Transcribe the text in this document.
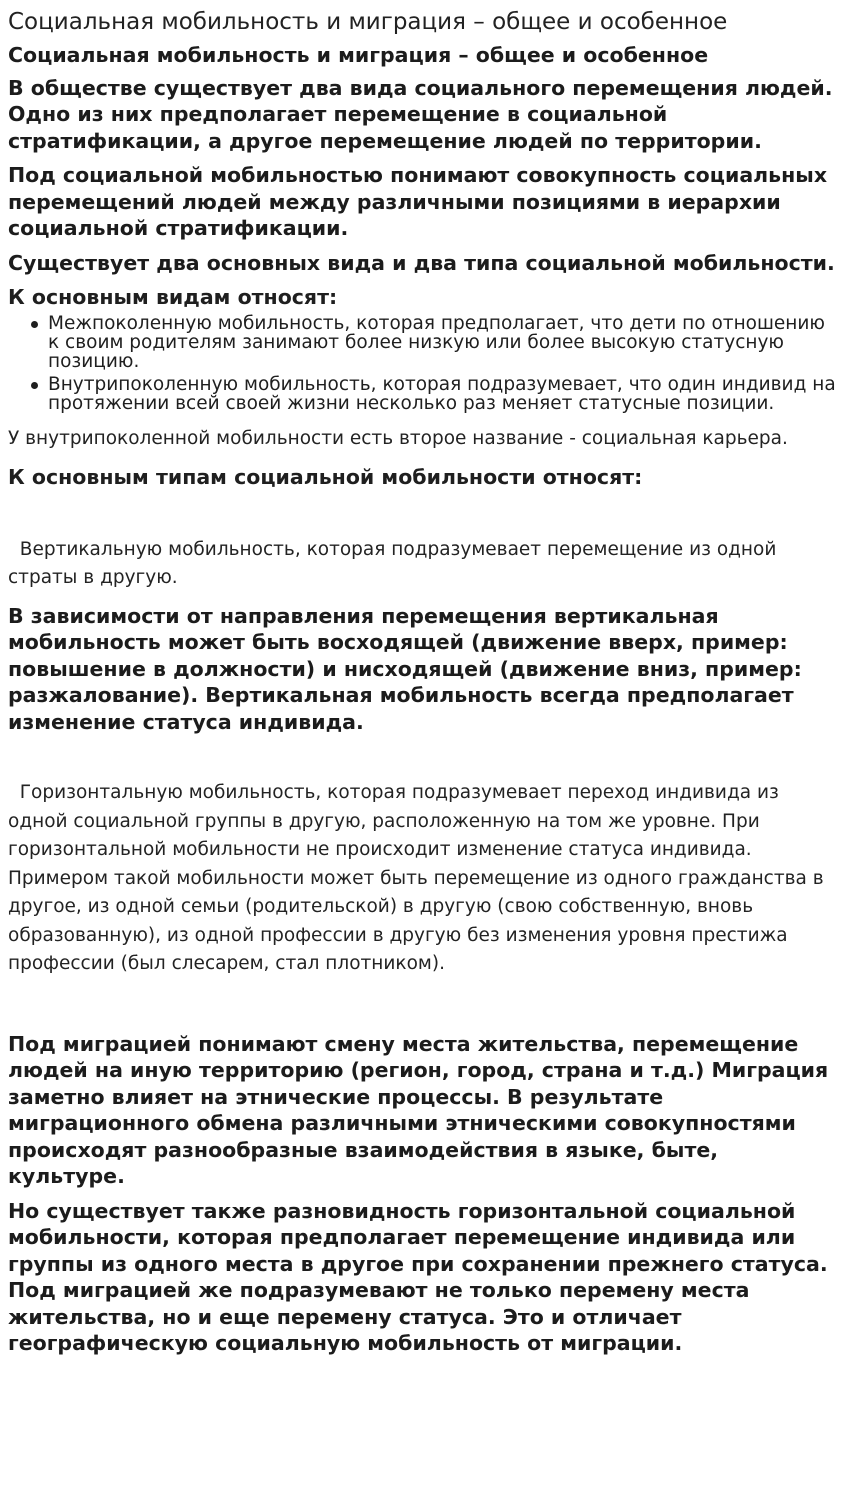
Социальная мобильность и миграция – общее и особенное
Социальная мобильность и миграция – общее и особенное

В обществе существует два вида социального перемещения людей. Одно из них предполагает перемещение в социальной стратификации, а другое перемещение людей по территории.

Под социальной мобильностью понимают совокупность социальных перемещений людей между различными позициями в иерархии социальной стратификации.

Существует два основных вида и два типа социальной мобильности.

К основным видам относят:
Межпоколенную мобильность, которая предполагает, что дети по отношению к своим родителям занимают более низкую или более высокую статусную позицию.
Внутрипоколенную мобильность, которая подразумевает, что один индивид на протяжении всей своей жизни несколько раз меняет статусные позиции.

У внутрипоколенной мобильности есть второе название - социальная карьера.

К основным типам социальной мобильности относят:

Вертикальную мобильность, которая подразумевает перемещение из одной страты в другую.

В зависимости от направления перемещения вертикальная мобильность может быть восходящей (движение вверх, пример: повышение в должности) и нисходящей (движение вниз, пример: разжалование). Вертикальная мобильность всегда предполагает изменение статуса индивида.

Горизонтальную мобильность, которая подразумевает переход индивида из одной социальной группы в другую, расположенную на том же уровне. При горизонтальной мобильности не происходит изменение статуса индивида. Примером такой мобильности может быть перемещение из одного гражданства в другое, из одной семьи (родительской) в другую (свою собственную, вновь образованную), из одной профессии в другую без изменения уровня престижа профессии (был слесарем, стал плотником).

Под миграцией понимают смену места жительства, перемещение людей на иную территорию (регион, город, страна и т.д.) Миграция заметно влияет на этнические процессы. В результате миграционного обмена различными этническими совокупностями происходят разнообразные взаимодействия в языке, быте, культуре.

Но существует также разновидность горизонтальной социальной мобильности, которая предполагает перемещение индивида или группы из одного места в другое при сохранении прежнего статуса. Под миграцией же подразумевают не только перемену места жительства, но и еще перемену статуса. Это и отличает географическую социальную мобильность от миграции.
